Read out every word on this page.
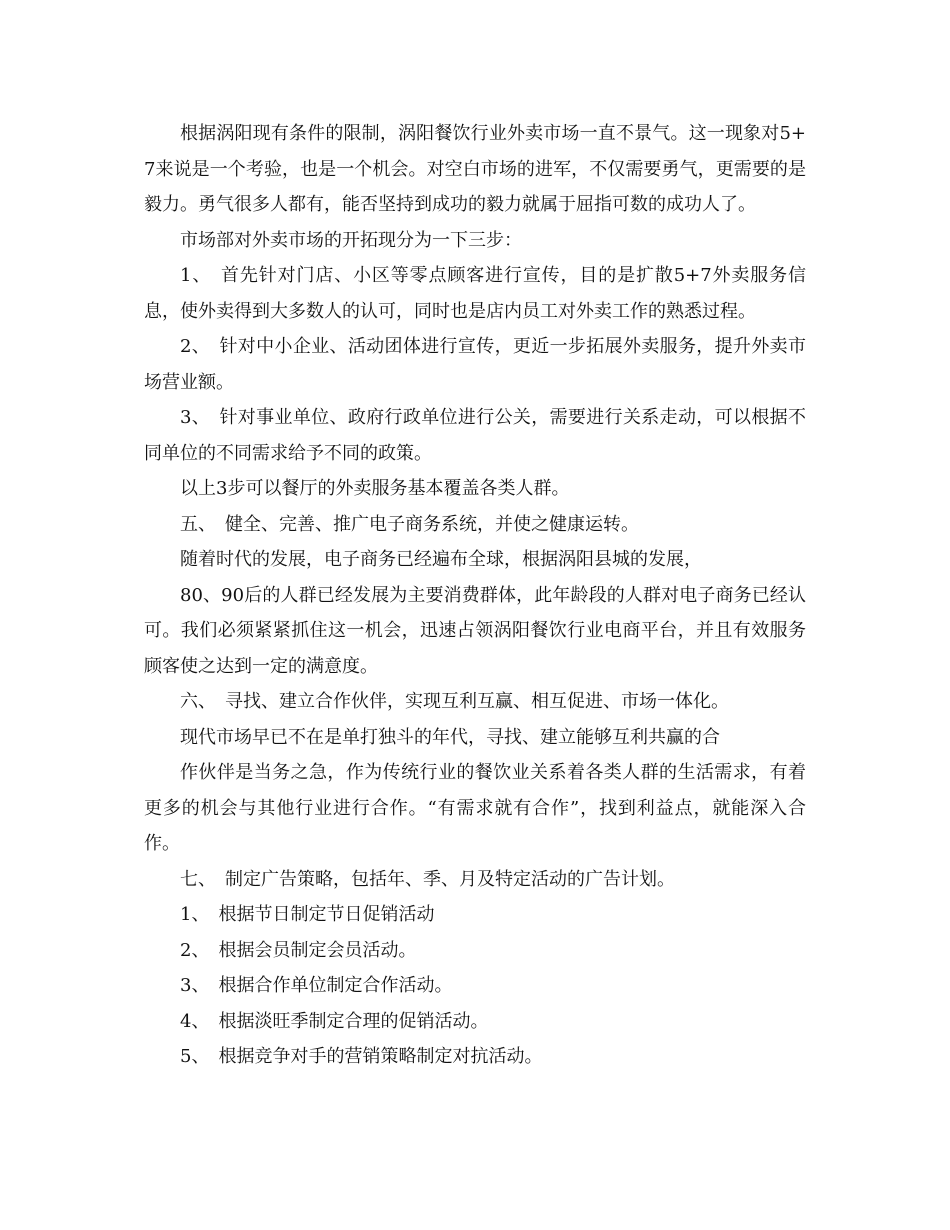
根据涡阳现有条件的限制，涡阳餐饮行业外卖市场一直不景气。这一现象对5+7来说是一个考验，也是一个机会。对空白市场的进军，不仅需要勇气，更需要的是毅力。勇气很多人都有，能否坚持到成功的毅力就属于屈指可数的成功人了。

市场部对外卖市场的开拓现分为一下三步：

1、　首先针对门店、小区等零点顾客进行宣传，目的是扩散5+7外卖服务信息，使外卖得到大多数人的认可，同时也是店内员工对外卖工作的熟悉过程。

2、　针对中小企业、活动团体进行宣传，更近一步拓展外卖服务，提升外卖市场营业额。

3、　针对事业单位、政府行政单位进行公关，需要进行关系走动，可以根据不同单位的不同需求给予不同的政策。

以上3步可以餐厅的外卖服务基本覆盖各类人群。

五、　健全、完善、推广电子商务系统，并使之健康运转。

随着时代的发展，电子商务已经遍布全球，根据涡阳县城的发展，

80、90后的人群已经发展为主要消费群体，此年龄段的人群对电子商务已经认可。我们必须紧紧抓住这一机会，迅速占领涡阳餐饮行业电商平台，并且有效服务顾客使之达到一定的满意度。

六、　寻找、建立合作伙伴，实现互利互赢、相互促进、市场一体化。

现代市场早已不在是单打独斗的年代，寻找、建立能够互利共赢的合

作伙伴是当务之急，作为传统行业的餐饮业关系着各类人群的生活需求，有着更多的机会与其他行业进行合作。“有需求就有合作”，找到利益点，就能深入合作。

七、　制定广告策略，包括年、季、月及特定活动的广告计划。

1、　根据节日制定节日促销活动

2、　根据会员制定会员活动。

3、　根据合作单位制定合作活动。

4、　根据淡旺季制定合理的促销活动。

5、　根据竞争对手的营销策略制定对抗活动。
